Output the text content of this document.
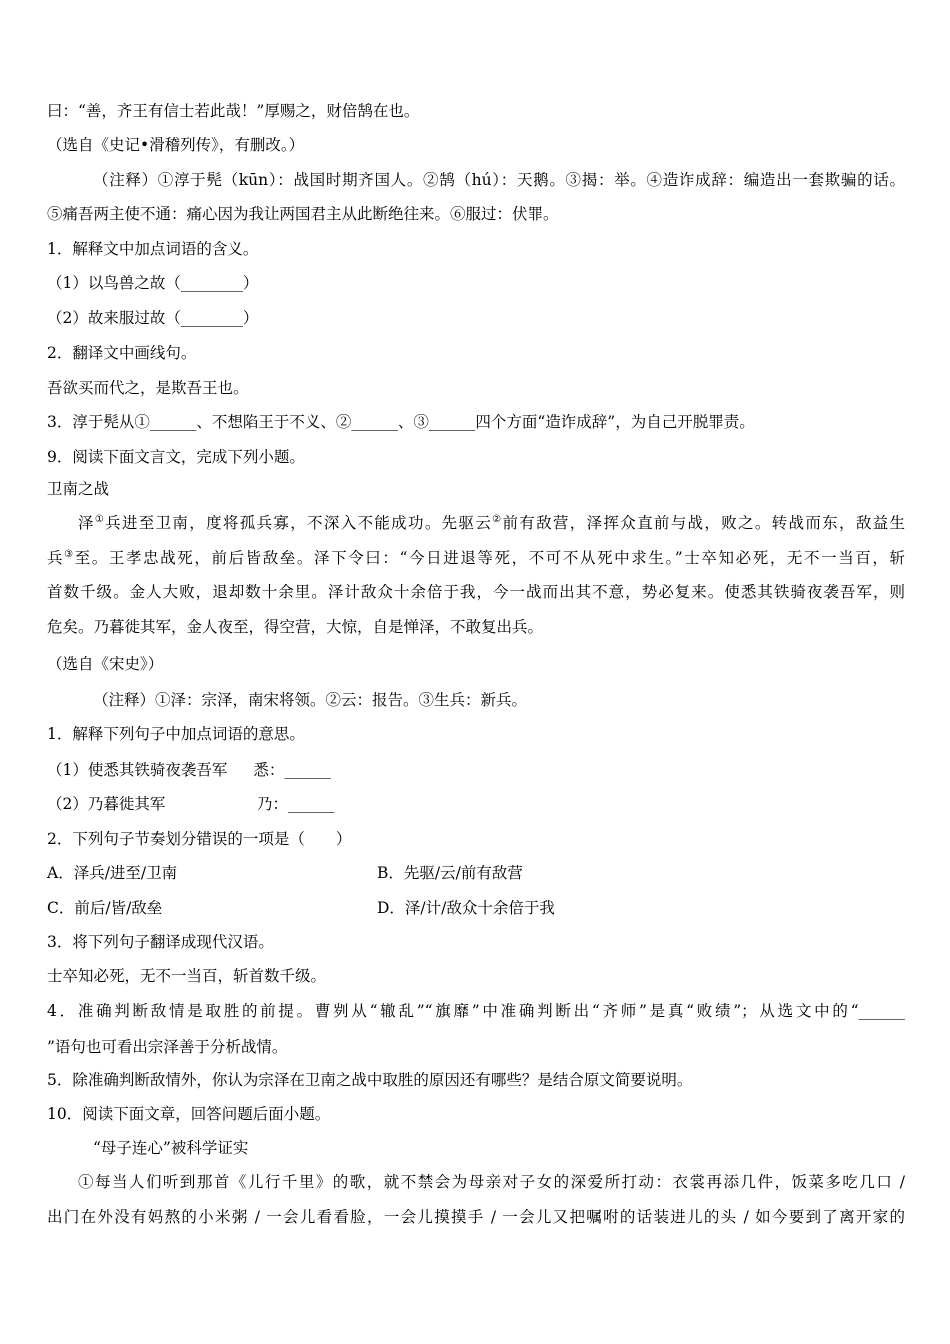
曰：“善，齐王有信士若此哉！”厚赐之，财倍鹄在也。
（选自《史记•滑稽列传》，有删改。）
（注释）①淳于髡（kūn）：战国时期齐国人。②鹄（hú）：天鹅。③揭：举。④造诈成辞：编造出一套欺骗的话。
⑤痛吾两主使不通：痛心因为我让两国君主从此断绝往来。⑥服过：伏罪。
1．解释文中加点词语的含义。
（1）以鸟兽之故（________）
（2）故来服过故（________）
2．翻译文中画线句。
吾欲买而代之，是欺吾王也。
3．淳于髡从①______、不想陷王于不义、②______、③______四个方面“造诈成辞”，为自己开脱罪责。
9．阅读下面文言文，完成下列小题。
卫南之战
泽①兵进至卫南，度将孤兵寡，不深入不能成功。先驱云②前有敌营，泽挥众直前与战，败之。转战而东，敌益生
兵③至。王孝忠战死，前后皆敌垒。泽下令曰：“今日进退等死，不可不从死中求生。”士卒知必死，无不一当百，斩
首数千级。金人大败，退却数十余里。泽计敌众十余倍于我，今一战而出其不意，势必复来。使悉其铁骑夜袭吾军，则
危矣。乃暮徙其军，金人夜至，得空营，大惊，自是惮泽，不敢复出兵。
（选自《宋史》）
（注释）①泽：宗泽，南宋将领。②云：报告。③生兵：新兵。
1．解释下列句子中加点词语的意思。
（1）使悉其铁骑夜袭吾军 悉：______
（2）乃暮徙其军	乃：______
2．下列句子节奏划分错误的一项是（　　）
A．泽兵/进至/卫南	B．先驱/云/前有敌营
C．前后/皆/敌垒	D．泽/计/敌众十余倍于我
3．将下列句子翻译成现代汉语。
士卒知必死，无不一当百，斩首数千级。
4．准确判断敌情是取胜的前提。曹刿从“辙乱”“旗靡”中准确判断出“齐师”是真“败绩”；从选文中的“______
”语句也可看出宗泽善于分析战情。
5．除准确判断敌情外，你认为宗泽在卫南之战中取胜的原因还有哪些？是结合原文简要说明。
10．阅读下面文章，回答问题后面小题。
“母子连心”被科学证实
①每当人们听到那首《儿行千里》的歌，就不禁会为母亲对子女的深爱所打动：衣裳再添几件，饭菜多吃几口 /
出门在外没有妈熬的小米粥 / 一会儿看看脸，一会儿摸摸手 / 一会儿又把嘱咐的话装进儿的头 / 如今要到了离开家的
